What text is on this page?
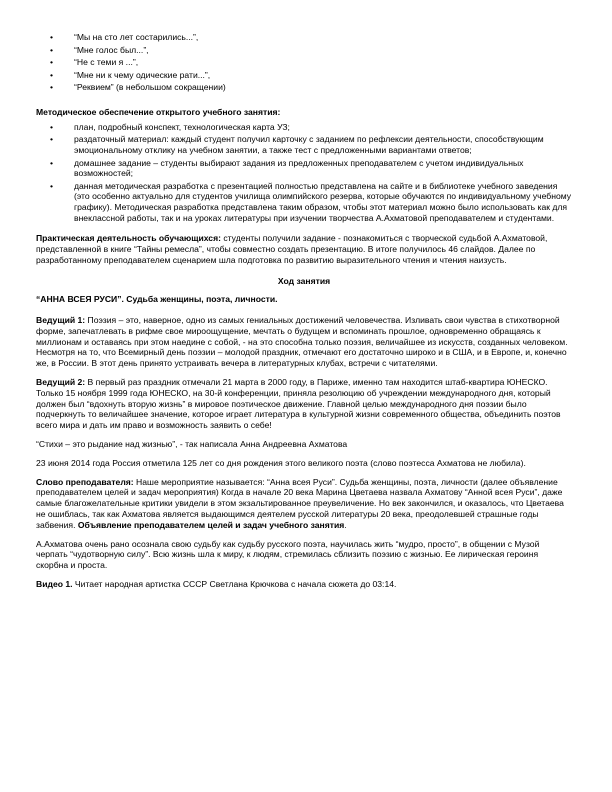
• “Мы на сто лет состарились...”,
• “Мне голос был...”,
• “Не с теми я ...”,
• “Мне ни к чему одические рати...”,
• “Реквием” (в небольшом сокращении)

Методическое обеспечение открытого учебного занятия:

• план, подробный конспект, технологическая карта УЗ;
• раздаточный материал: каждый студент получил карточку с заданием по рефлексии деятельности, способствующим эмоциональному отклику на учебном занятии, а также тест с предложенными вариантами ответов;
• домашнее задание – студенты выбирают задания из предложенных преподавателем с учетом индивидуальных возможностей;
• данная методическая разработка с презентацией полностью представлена на сайте и в библиотеке учебного заведения (это особенно актуально для студентов училища олимпийского резерва, которые обучаются по индивидуальному учебному графику). Методическая разработка представлена таким образом, чтобы этот материал можно было использовать как для внеклассной работы, так и на уроках литературы при изучении творчества А.Ахматовой преподавателем и студентами.

Практическая деятельность обучающихся: студенты получили задание - познакомиться с творческой судьбой А.Ахматовой, представленной в книге “Тайны ремесла”, чтобы совместно создать презентацию. В итоге получилось 46 слайдов. Далее по разработанному преподавателем сценарием шла подготовка по развитию выразительного чтения и чтения наизусть.

Ход занятия

“АННА ВСЕЯ РУСИ”. Судьба женщины, поэта, личности.

Ведущий 1: Поэзия – это, наверное, одно из самых гениальных достижений человечества. Изливать свои чувства в стихотворной форме, запечатлевать в рифме свое мироощущение, мечтать о будущем и вспоминать прошлое, одновременно обращаясь к миллионам и оставаясь при этом наедине с собой, - на это способна только поэзия, величайшее из искусств, созданных человеком. Несмотря на то, что Всемирный день поэзии – молодой праздник, отмечают его достаточно широко и в США, и в Европе, и, конечно же, в России. В этот день принято устраивать вечера в литературных клубах, встречи с читателями.

Ведущий 2: В первый раз праздник отмечали 21 марта в 2000 году, в Париже, именно там находится штаб-квартира ЮНЕСКО. Только 15 ноября 1999 года ЮНЕСКО, на 30-й конференции, приняла резолюцию об учреждении международного дня, который должен был “вдохнуть вторую жизнь” в мировое поэтическое движение. Главной целью международного дня поэзии было подчеркнуть то величайшее значение, которое играет литература в культурной жизни современного общества, объединить поэтов всего мира и дать им право и возможность заявить о себе!

“Стихи – это рыдание над жизнью”, - так написала Анна Андреевна Ахматова

23 июня 2014 года Россия отметила 125 лет со дня рождения этого великого поэта (слово поэтесса Ахматова не любила).

Слово преподавателя: Наше мероприятие называется: “Анна всея Руси”. Судьба женщины, поэта, личности (далее объявление преподавателем целей и задач мероприятия) Когда в начале 20 века Марина Цветаева назвала Ахматову “Анной всея Руси”, даже самые благожелательные критики увидели в этом экзальтированное преувеличение. Но век закончился, и оказалось, что Цветаева не ошиблась, так как Ахматова является выдающимся деятелем русской литературы 20 века, преодолевшей страшные годы забвения. Объявление преподавателем целей и задач учебного занятия.

А.Ахматова очень рано осознала свою судьбу как судьбу русского поэта, научилась жить “мудро, просто”, в общении с Музой черпать “чудотворную силу”. Всю жизнь шла к миру, к людям, стремилась сблизить поэзию с жизнью. Ее лирическая героиня скорбна и проста.

Видео 1. Читает народная артистка СССР Светлана Крючкова с начала сюжета до 03:14.
